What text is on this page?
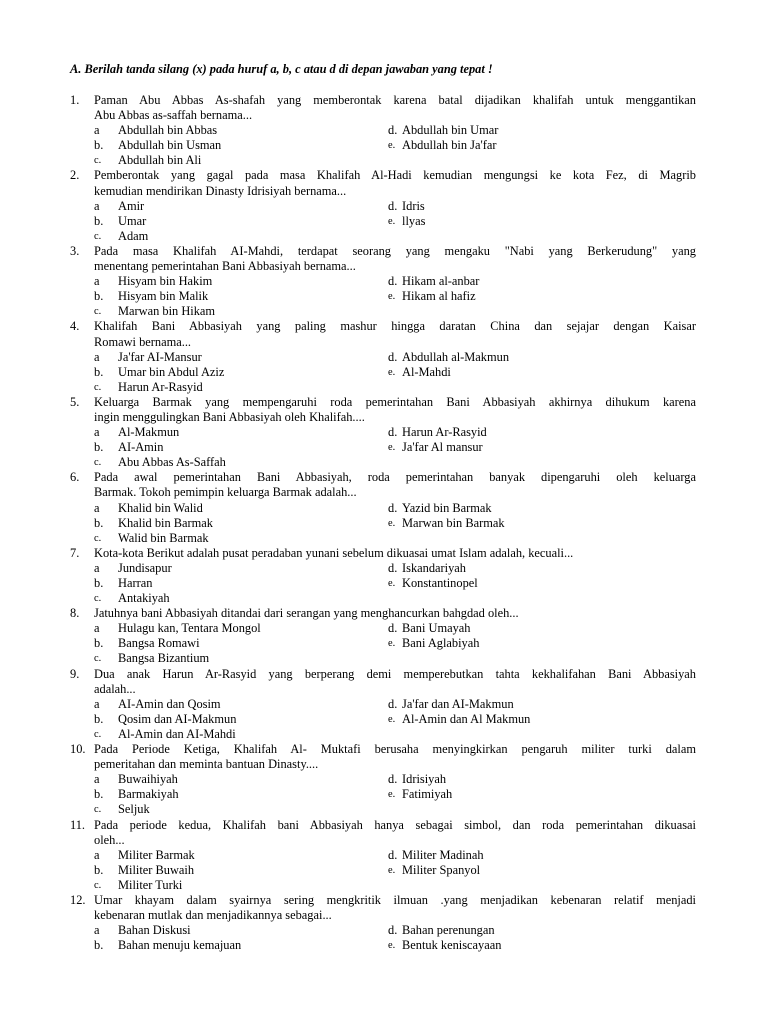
A. Berilah tanda silang (x) pada huruf a, b, c atau d di depan jawaban yang tepat !
1.	Paman Abu Abbas As-shafah yang memberontak karena batal dijadikan khalifah untuk menggantikan
Abu Abbas as-saffah bernama...
a Abdullah bin Abbas	d. Abdullah bin Umar
b. Abdullah bin Usman	e. Abdullah bin Ja'far
c. Abdullah bin Ali
2.	Pemberontak yang gagal pada masa Khalifah Al-Hadi kemudian mengungsi ke kota Fez, di Magrib
kemudian mendirikan Dinasty Idrisiyah bernama...
a Amir	d. Idris
b. Umar	e. llyas
c. Adam
3.	Pada masa Khalifah AI-Mahdi, terdapat seorang yang mengaku "Nabi yang Berkerudung" yang
menentang pemerintahan Bani Abbasiyah bernama...
a Hisyam bin Hakim	d. Hikam al-anbar
b. Hisyam bin Malik	e. Hikam al hafiz
c. Marwan bin Hikam
4.	Khalifah Bani Abbasiyah yang paling mashur hingga daratan China dan sejajar dengan Kaisar
Romawi bernama...
a Ja'far AI-Mansur	d. Abdullah al-Makmun
b. Umar bin Abdul Aziz	e. Al-Mahdi
c. Harun Ar-Rasyid
5.	Keluarga Barmak yang mempengaruhi roda pemerintahan Bani Abbasiyah akhirnya dihukum karena
ingin menggulingkan Bani Abbasiyah oleh Khalifah....
a Al-Makmun	d. Harun Ar-Rasyid
b. AI-Amin	e. Ja'far Al mansur
c. Abu Abbas As-Saffah
6.	Pada awal pemerintahan Bani Abbasiyah, roda pemerintahan banyak dipengaruhi oleh keluarga
Barmak. Tokoh pemimpin keluarga Barmak adalah...
a Khalid bin Walid	d. Yazid bin Barmak
b. Khalid bin Barmak	e. Marwan bin Barmak
c. Walid bin Barmak
7.	Kota-kota Berikut adalah pusat peradaban yunani sebelum dikuasai umat Islam adalah, kecuali...
a Jundisapur	d. Iskandariyah
b. Harran	e. Konstantinopel
c. Antakiyah
8.	Jatuhnya bani Abbasiyah ditandai dari serangan yang menghancurkan bahgdad oleh...
a Hulagu kan, Tentara Mongol	d. Bani Umayah
b. Bangsa Romawi	e. Bani Aglabiyah
c. Bangsa Bizantium
9.	Dua anak Harun Ar-Rasyid yang berperang demi memperebutkan tahta kekhalifahan Bani Abbasiyah
adalah...
a AI-Amin dan Qosim	d. Ja'far dan AI-Makmun
b. Qosim dan AI-Makmun	e. Al-Amin dan Al Makmun
c. Al-Amin dan AI-Mahdi
10. Pada Periode Ketiga, Khalifah Al- Muktafi berusaha menyingkirkan pengaruh militer turki dalam
pemeritahan dan meminta bantuan Dinasty....
a Buwaihiyah	d. Idrisiyah
b. Barmakiyah	e. Fatimiyah
c. Seljuk
11. Pada periode kedua, Khalifah bani Abbasiyah hanya sebagai simbol, dan roda pemerintahan dikuasai
oleh...
a Militer Barmak	d. Militer Madinah
b. Militer Buwaih	e. Militer Spanyol
c. Militer Turki
12. Umar khayam dalam syairnya sering mengkritik ilmuan .yang menjadikan kebenaran relatif menjadi
kebenaran mutlak dan menjadikannya sebagai...
a Bahan Diskusi	d. Bahan perenungan
b. Bahan menuju kemajuan	e. Bentuk keniscayaan
